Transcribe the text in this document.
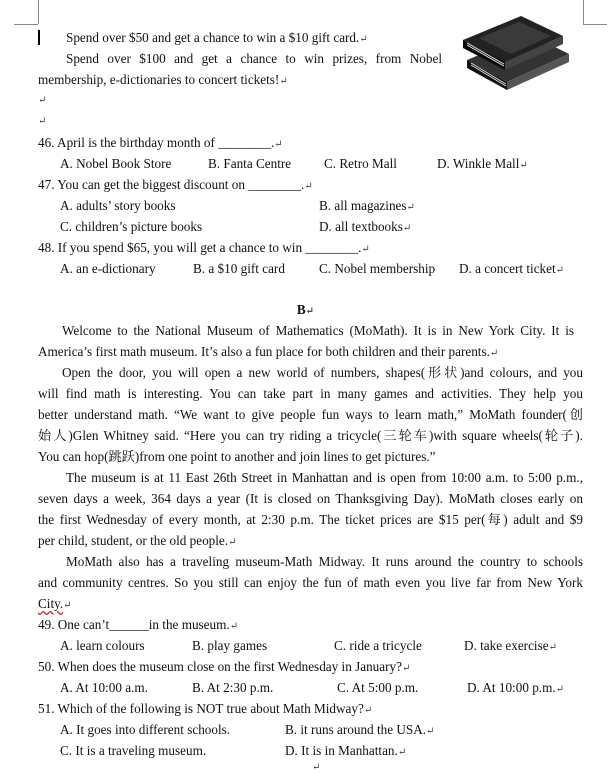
Spend over $50 and get a chance to win a $10 gift card.↵
Spend over $100 and get a chance to win prizes, from Nobel
membership, e-dictionaries to concert tickets!↵
↵
↵
46. April is the birthday month of ________.↵
A. Nobel Book Store	B. Fanta Centre C. Retro Mall	D. Winkle Mall↵
47. You can get the biggest discount on ________.↵
A. adults’ story books	B. all magazines↵
C. children’s picture books	D. all textbooks↵
48. If you spend $65, you will get a chance to win ________.↵
A. an e-dictionary	B. a $10 gift card	C. Nobel membership D. a concert ticket↵
B↵
Welcome to the National Museum of Mathematics (MoMath). It is in New York City. It is
America’s first math museum. It’s also a fun place for both children and their parents.↵
Open the door, you will open a new world of numbers, shapes(形状)and colours, and you
will find math is interesting. You can take part in many games and activities. They help you
better understand math. “We want to give people fun ways to learn math,” MoMath founder(创
始人)Glen Whitney said. “Here you can try riding a tricycle(三轮车)with square wheels(轮子).
You can hop(跳跃)from one point to another and join lines to get pictures.”
The museum is at 11 East 26th Street in Manhattan and is open from 10:00 a.m. to 5:00 p.m.,
seven days a week, 364 days a year (It is closed on Thanksgiving Day). MoMath closes early on
the first Wednesday of every month, at 2:30 p.m. The ticket prices are $15 per(每) adult and $9
per child, student, or the old people.↵
MoMath also has a traveling museum-Math Midway. It runs around the country to schools
and community centres. So you still can enjoy the fun of math even you live far from New York
City.↵
49. One can’t______in the museum.↵
A. learn colours	B. play games	C. ride a tricycle	D. take exercise↵
50. When does the museum close on the first Wednesday in January?↵
A. At 10:00 a.m.	B. At 2:30 p.m.	C. At 5:00 p.m.	D. At 10:00 p.m.↵
51. Which of the following is NOT true about Math Midway?↵
A. It goes into different schools.	B. it runs around the USA.↵
C. It is a traveling museum.	D. It is in Manhattan.↵
↵
